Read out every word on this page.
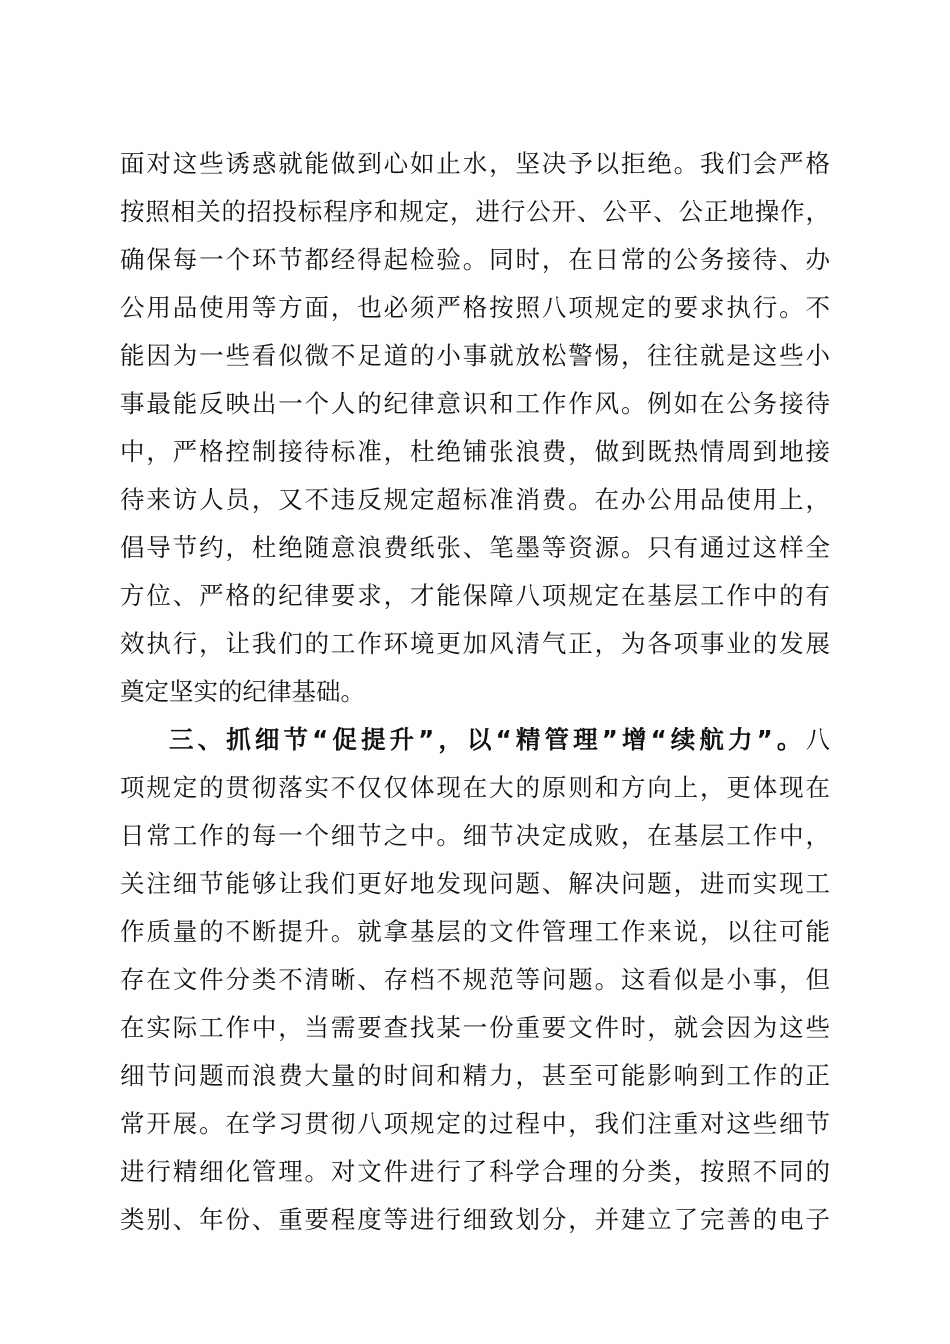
面对这些诱惑就能做到心如止水，坚决予以拒绝。我们会严格
按照相关的招投标程序和规定，进行公开、公平、公正地操作，
确保每一个环节都经得起检验。同时，在日常的公务接待、办
公用品使用等方面，也必须严格按照八项规定的要求执行。不
能因为一些看似微不足道的小事就放松警惕，往往就是这些小
事最能反映出一个人的纪律意识和工作作风。例如在公务接待
中，严格控制接待标准，杜绝铺张浪费，做到既热情周到地接
待来访人员，又不违反规定超标准消费。在办公用品使用上，
倡导节约，杜绝随意浪费纸张、笔墨等资源。只有通过这样全
方位、严格的纪律要求，才能保障八项规定在基层工作中的有
效执行，让我们的工作环境更加风清气正，为各项事业的发展
奠定坚实的纪律基础。
三、抓细节“促提升”，以“精管理”增“续航力”。八
项规定的贯彻落实不仅仅体现在大的原则和方向上，更体现在
日常工作的每一个细节之中。细节决定成败，在基层工作中，
关注细节能够让我们更好地发现问题、解决问题，进而实现工
作质量的不断提升。就拿基层的文件管理工作来说，以往可能
存在文件分类不清晰、存档不规范等问题。这看似是小事，但
在实际工作中，当需要查找某一份重要文件时，就会因为这些
细节问题而浪费大量的时间和精力，甚至可能影响到工作的正
常开展。在学习贯彻八项规定的过程中，我们注重对这些细节
进行精细化管理。对文件进行了科学合理的分类，按照不同的
类别、年份、重要程度等进行细致划分，并建立了完善的电子
